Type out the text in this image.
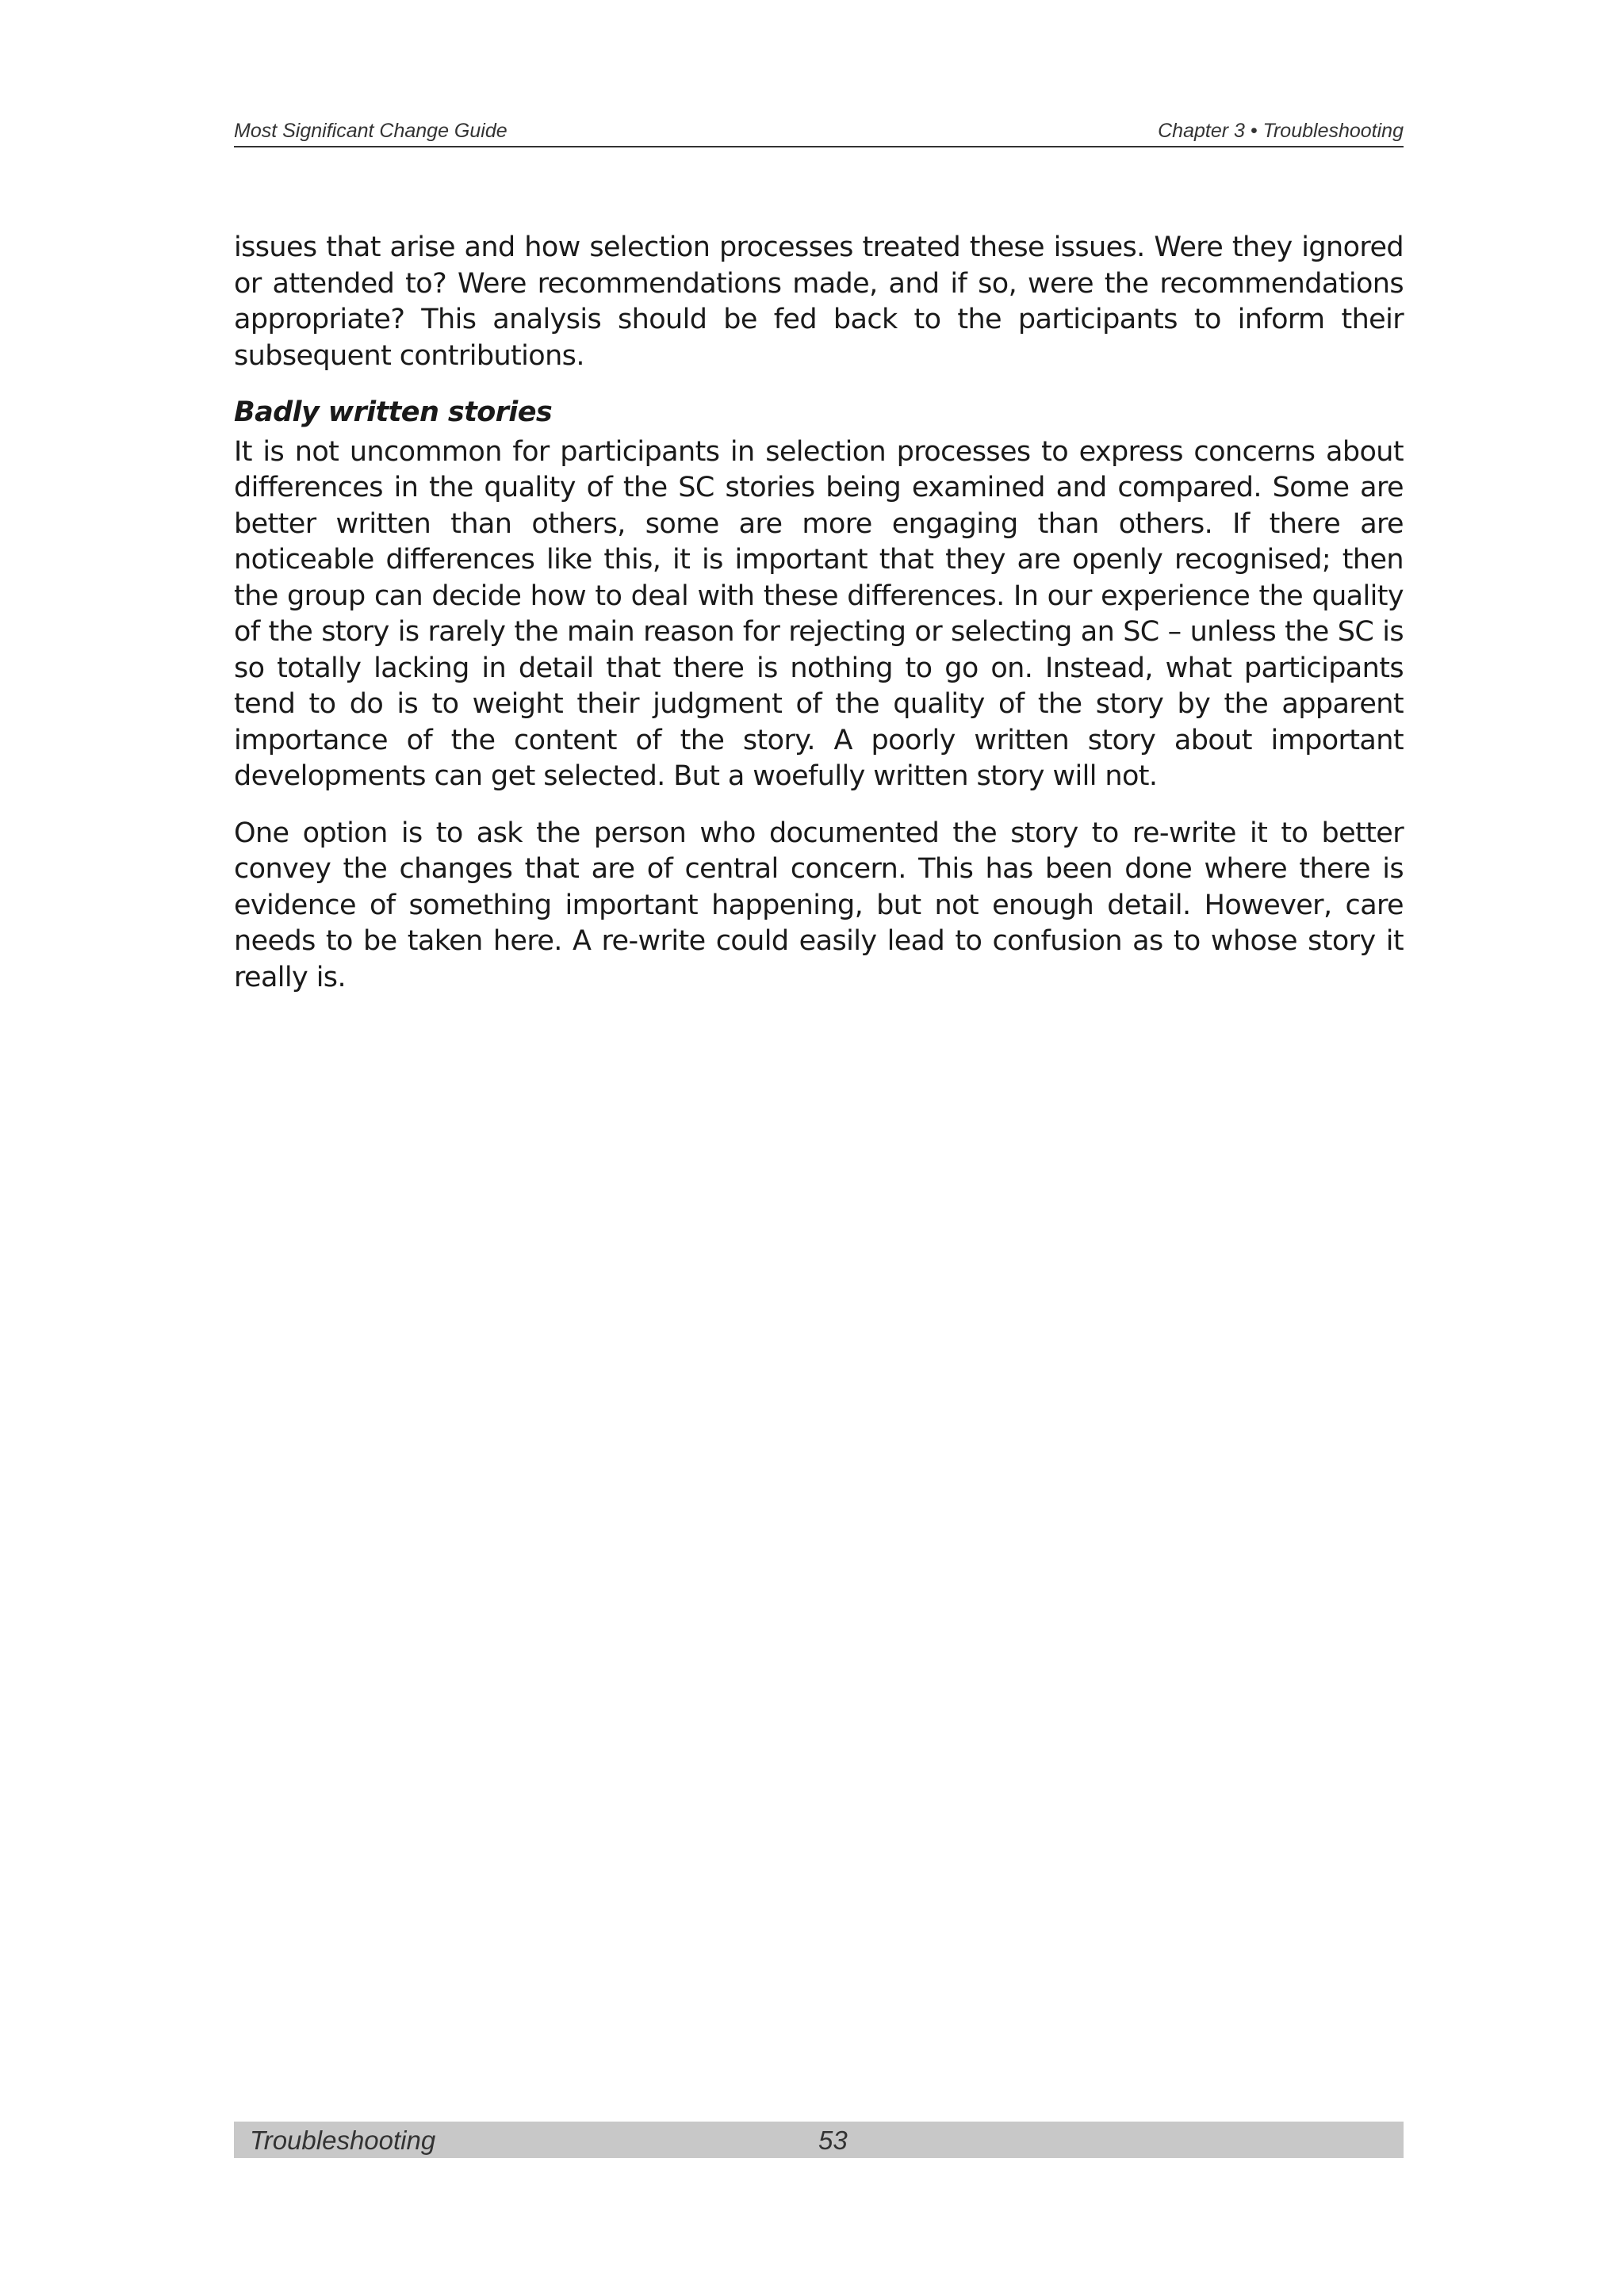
Most Significant Change Guide	Chapter 3 • Troubleshooting

issues that arise and how selection processes treated these issues. Were they ignored or attended to? Were recommendations made, and if so, were the recommendations appropriate? This analysis should be fed back to the participants to inform their subsequent contributions.

Badly written stories

It is not uncommon for participants in selection processes to express concerns about differences in the quality of the SC stories being examined and compared. Some are better written than others, some are more engaging than others. If there are noticeable differences like this, it is important that they are openly recognised; then the group can decide how to deal with these differences. In our experience the quality of the story is rarely the main reason for rejecting or selecting an SC – unless the SC is so totally lacking in detail that there is nothing to go on. Instead, what participants tend to do is to weight their judgment of the quality of the story by the apparent importance of the content of the story. A poorly written story about important developments can get selected. But a woefully written story will not.

One option is to ask the person who documented the story to re-write it to better convey the changes that are of central concern. This has been done where there is evidence of something important happening, but not enough detail. However, care needs to be taken here. A re-write could easily lead to confusion as to whose story it really is.

Troubleshooting	53
